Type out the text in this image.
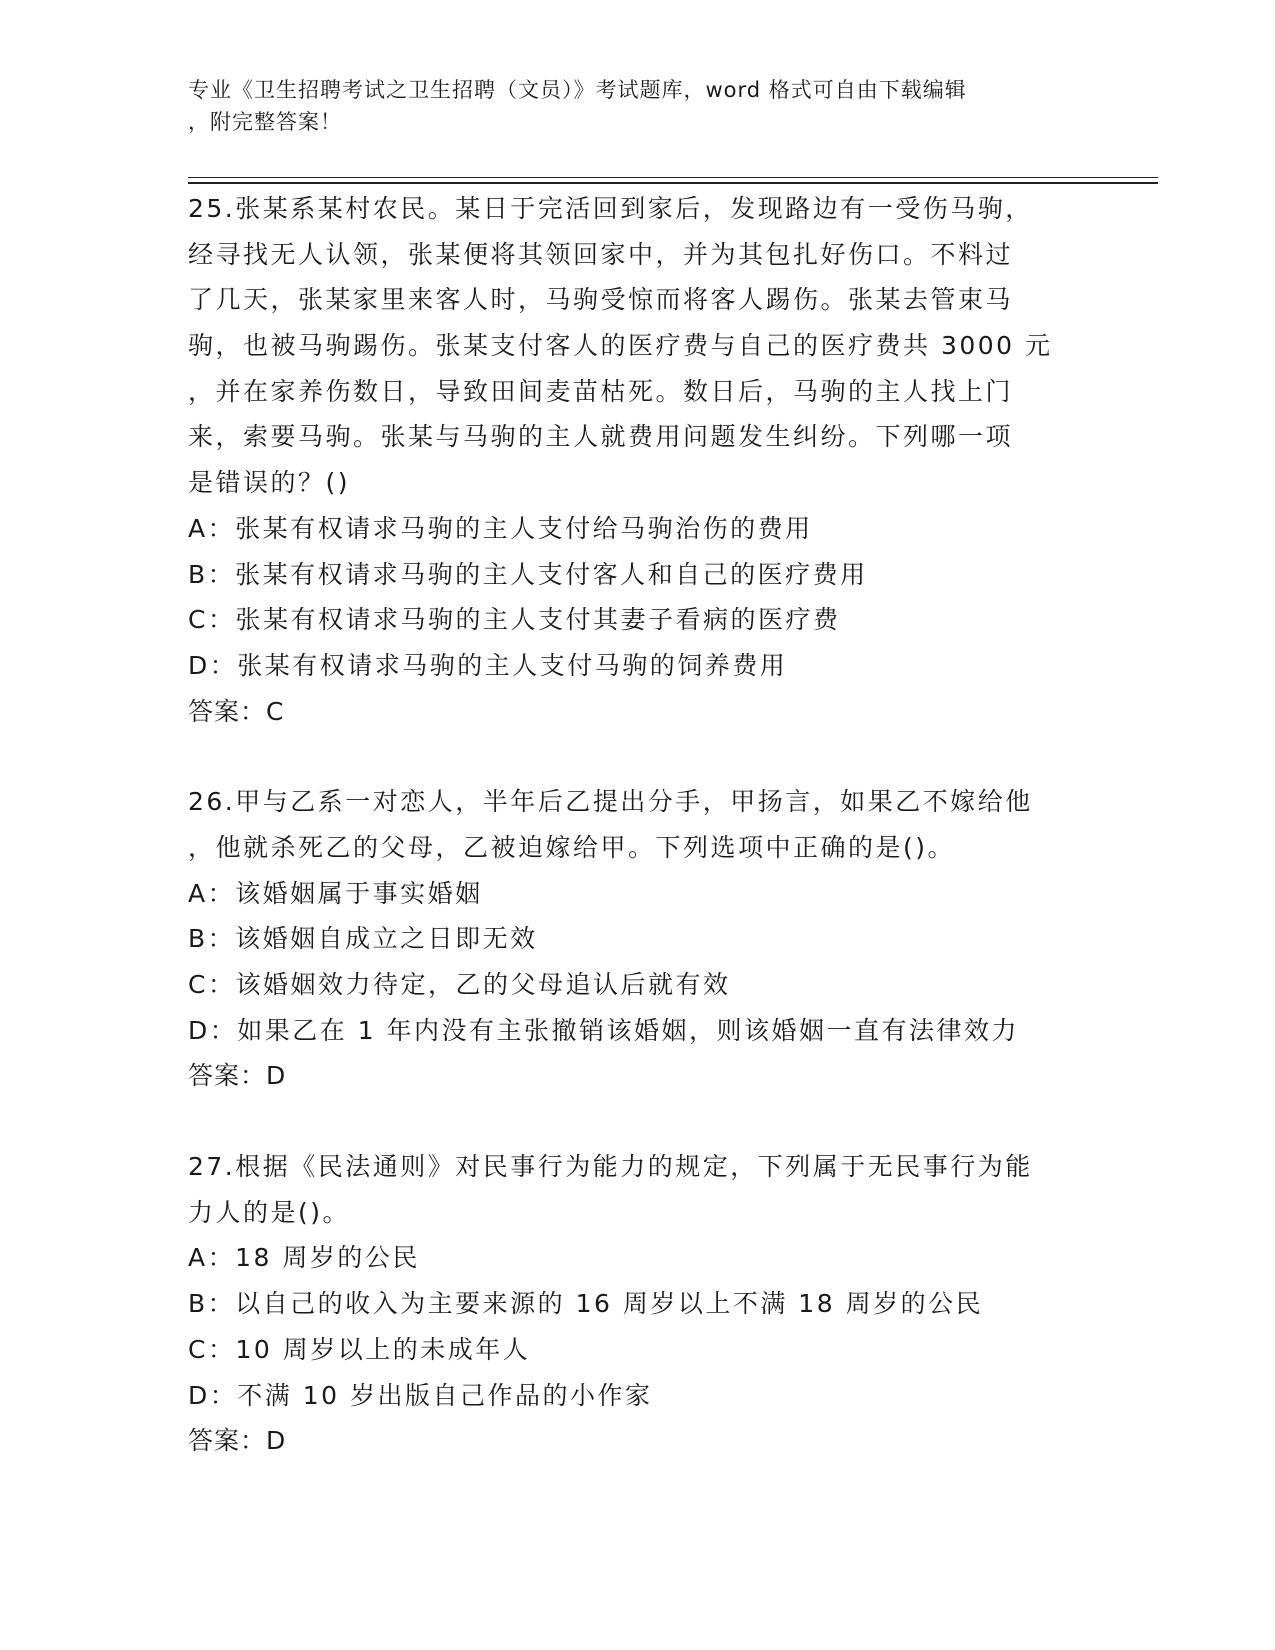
专业《卫生招聘考试之卫生招聘（文员）》考试题库，word 格式可自由下载编辑
，附完整答案！
25.张某系某村农民。某日于完活回到家后，发现路边有一受伤马驹，
经寻找无人认领，张某便将其领回家中，并为其包扎好伤口。不料过
了几天，张某家里来客人时，马驹受惊而将客人踢伤。张某去管束马
驹，也被马驹踢伤。张某支付客人的医疗费与自己的医疗费共 3000 元
，并在家养伤数日，导致田间麦苗枯死。数日后，马驹的主人找上门
来，索要马驹。张某与马驹的主人就费用问题发生纠纷。下列哪一项
是错误的？()
A：张某有权请求马驹的主人支付给马驹治伤的费用
B：张某有权请求马驹的主人支付客人和自己的医疗费用
C：张某有权请求马驹的主人支付其妻子看病的医疗费
D：张某有权请求马驹的主人支付马驹的饲养费用
答案：C
26.甲与乙系一对恋人，半年后乙提出分手，甲扬言，如果乙不嫁给他
，他就杀死乙的父母，乙被迫嫁给甲。下列选项中正确的是()。
A：该婚姻属于事实婚姻
B：该婚姻自成立之日即无效
C：该婚姻效力待定，乙的父母追认后就有效
D：如果乙在 1 年内没有主张撤销该婚姻，则该婚姻一直有法律效力
答案：D
27.根据《民法通则》对民事行为能力的规定，下列属于无民事行为能
力人的是()。
A：18 周岁的公民
B：以自己的收入为主要来源的 16 周岁以上不满 18 周岁的公民
C：10 周岁以上的未成年人
D：不满 10 岁出版自己作品的小作家
答案：D
